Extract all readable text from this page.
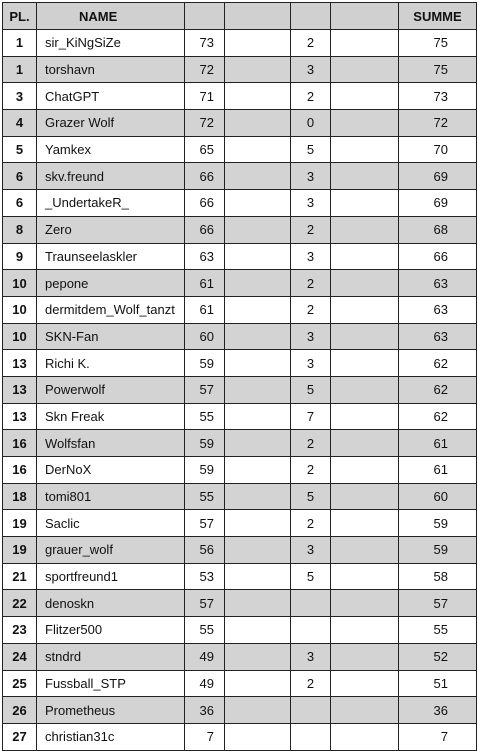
PL.	NAME					SUMME
1	sir_KiNgSiZe	73		2		75
1	torshavn	72		3		75
3	ChatGPT	71		2		73
4	Grazer Wolf	72		0		72
5	Yamkex	65		5		70
6	skv.freund	66		3		69
6	_UndertakeR_	66		3		69
8	Zero	66		2		68
9	Traunseelaskler	63		3		66
10	pepone	61		2		63
10	dermitdem_Wolf_tanzt	61		2		63
10	SKN-Fan	60		3		63
13	Richi K.	59		3		62
13	Powerwolf	57		5		62
13	Skn Freak	55		7		62
16	Wolfsfan	59		2		61
16	DerNoX	59		2		61
18	tomi801	55		5		60
19	Saclic	57		2		59
19	grauer_wolf	56		3		59
21	sportfreund1	53		5		58
22	denoskn	57				57
23	Flitzer500	55				55
24	stndrd	49		3		52
25	Fussball_STP	49		2		51
26	Prometheus	36				36
27	christian31c	7				7
